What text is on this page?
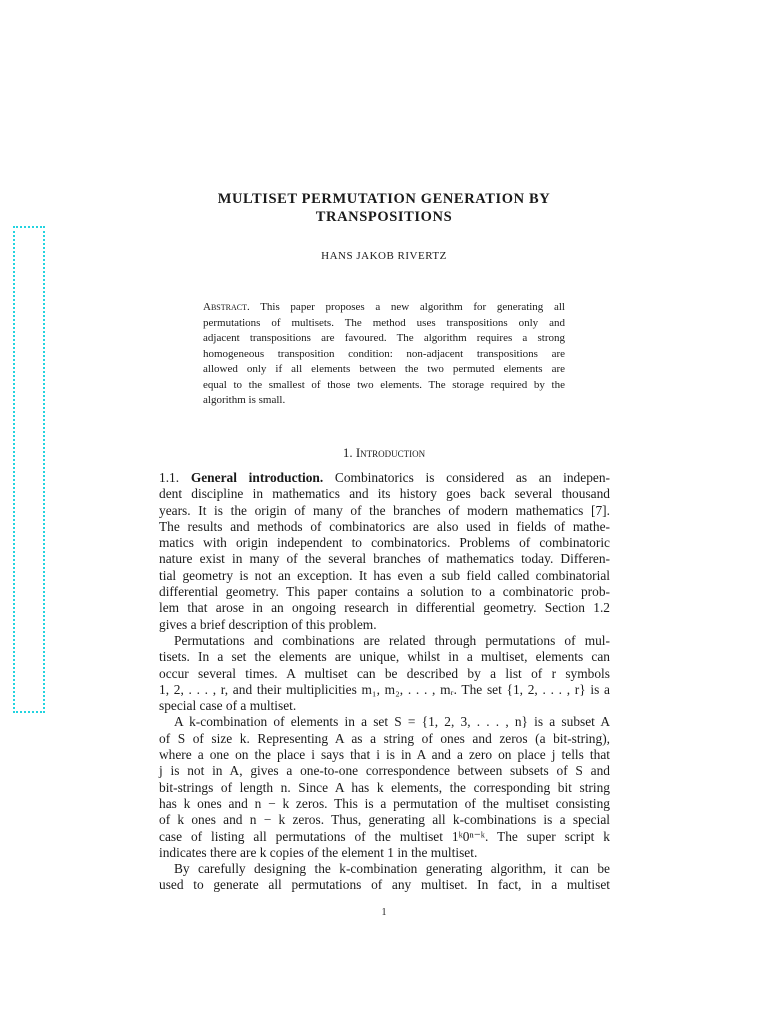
MULTISET PERMUTATION GENERATION BY
TRANSPOSITIONS
HANS JAKOB RIVERTZ
Abstract. This paper proposes a new algorithm for generating all
permutations of multisets. The method uses transpositions only and
adjacent transpositions are favoured. The algorithm requires a strong
homogeneous transposition condition: non-adjacent transpositions are
allowed only if all elements between the two permuted elements are
equal to the smallest of those two elements. The storage required by the
algorithm is small.
1. Introduction
1.1. General introduction. Combinatorics is considered as an indepen-
dent discipline in mathematics and its history goes back several thousand
years. It is the origin of many of the branches of modern mathematics [7].
The results and methods of combinatorics are also used in fields of mathe-
matics with origin independent to combinatorics. Problems of combinatoric
nature exist in many of the several branches of mathematics today. Differen-
tial geometry is not an exception. It has even a sub field called combinatorial
differential geometry. This paper contains a solution to a combinatoric prob-
lem that arose in an ongoing research in differential geometry. Section 1.2
gives a brief description of this problem.
Permutations and combinations are related through permutations of mul-
tisets. In a set the elements are unique, whilst in a multiset, elements can
occur several times. A multiset can be described by a list of r symbols
1, 2, . . . , r, and their multiplicities m₁, m₂, . . . , mᵣ. The set {1, 2, . . . , r} is a
special case of a multiset.
A k-combination of elements in a set S = {1, 2, 3, . . . , n} is a subset A
of S of size k. Representing A as a string of ones and zeros (a bit-string),
where a one on the place i says that i is in A and a zero on place j tells that
j is not in A, gives a one-to-one correspondence between subsets of S and
bit-strings of length n. Since A has k elements, the corresponding bit string
has k ones and n − k zeros. This is a permutation of the multiset consisting
of k ones and n − k zeros. Thus, generating all k-combinations is a special
case of listing all permutations of the multiset 1ᵏ0ⁿ⁻ᵏ. The super script k
indicates there are k copies of the element 1 in the multiset.
By carefully designing the k-combination generating algorithm, it can be
used to generate all permutations of any multiset. In fact, in a multiset
1
